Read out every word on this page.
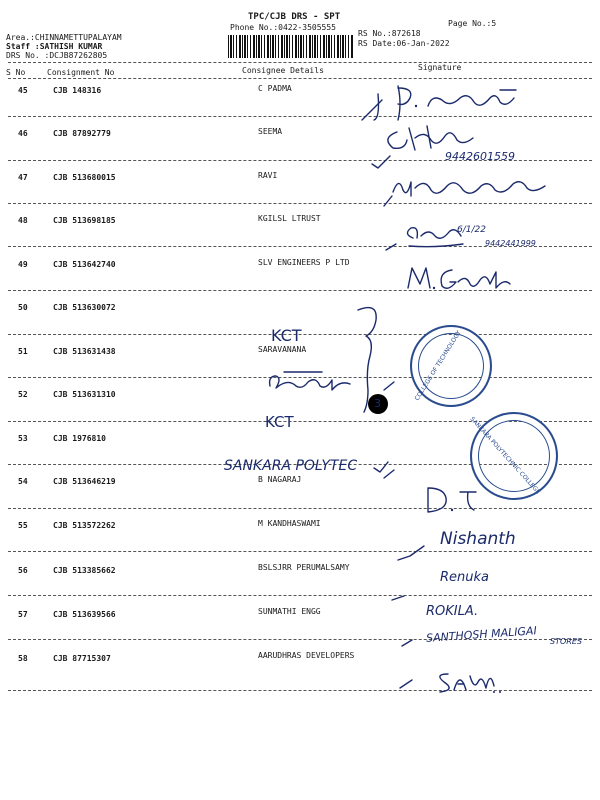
TPC/CJB DRS - SPT
Phone No.:0422-3505555	Page No.:5
Area.:CHINNAMETTUPALAYAM
Staff :SATHISH KUMAR
DRS No. :DCJB87262805
RS No.:872618
RS Date:06-Jan-2022
S No	Consignment No	Consignee Details	Signature
45	CJB 148316	C PADMA
46	CJB 87892779	SEEMA
47	CJB 513680015	RAVI
48	CJB 513698185	KGILSL LTRUST
49	CJB 513642740	SLV ENGINEERS P LTD
50	CJB 513630072
51	CJB 513631438	SARAVANANA
52	CJB 513631310
53	CJB 1976810
54	CJB 513646219	B NAGARAJ
55	CJB 513572262	M KANDHASWAMI
56	CJB 513385662	BSLSJRR PERUMALSAMY
57	CJB 513639566	SUNMATHI ENGG
58	CJB 87715307	AARUDHRAS DEVELOPERS
9442601559
6/1/22
9442441999
KCT
KCT
3
COLLEGE OF TECHNOLOGY
SANKARA POLYTECHNIC COLLEGE
SANKARA POLYTEC
Nishanth
Renuka
ROKILA.
SANTHOSH MALIGAI STORES
